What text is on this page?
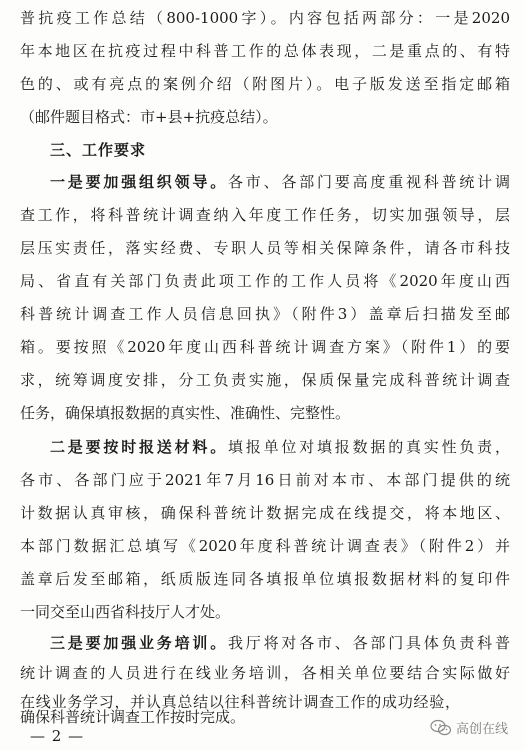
普抗疫工作总结（800-1000字）。内容包括两部分：一是2020
年本地区在抗疫过程中科普工作的总体表现，二是重点的、有特
色的、或有亮点的案例介绍（附图片）。电子版发送至指定邮箱
（邮件题目格式：市+县+抗疫总结）。
三、工作要求
一是要加强组织领导。各市、各部门要高度重视科普统计调
查工作，将科普统计调查纳入年度工作任务，切实加强领导，层
层压实责任，落实经费、专职人员等相关保障条件，请各市科技
局、省直有关部门负责此项工作的工作人员将《2020年度山西
科普统计调查工作人员信息回执》（附件3）盖章后扫描发至邮
箱。要按照《2020年度山西科普统计调查方案》（附件1）的要
求，统筹调度安排，分工负责实施，保质保量完成科普统计调查
任务，确保填报数据的真实性、准确性、完整性。
二是要按时报送材料。填报单位对填报数据的真实性负责，
各市、各部门应于2021年7月16日前对本市、本部门提供的统
计数据认真审核，确保科普统计数据完成在线提交，将本地区、
本部门数据汇总填写《2020年度科普统计调查表》（附件2）并
盖章后发至邮箱，纸质版连同各填报单位填报数据材料的复印件
一同交至山西省科技厅人才处。
三是要加强业务培训。我厅将对各市、各部门具体负责科普
统计调查的人员进行在线业务培训，各相关单位要结合实际做好
在线业务学习，并认真总结以往科普统计调查工作的成功经验，
— 2 —	高创在线
确保科普统计调查工作按时完成。
